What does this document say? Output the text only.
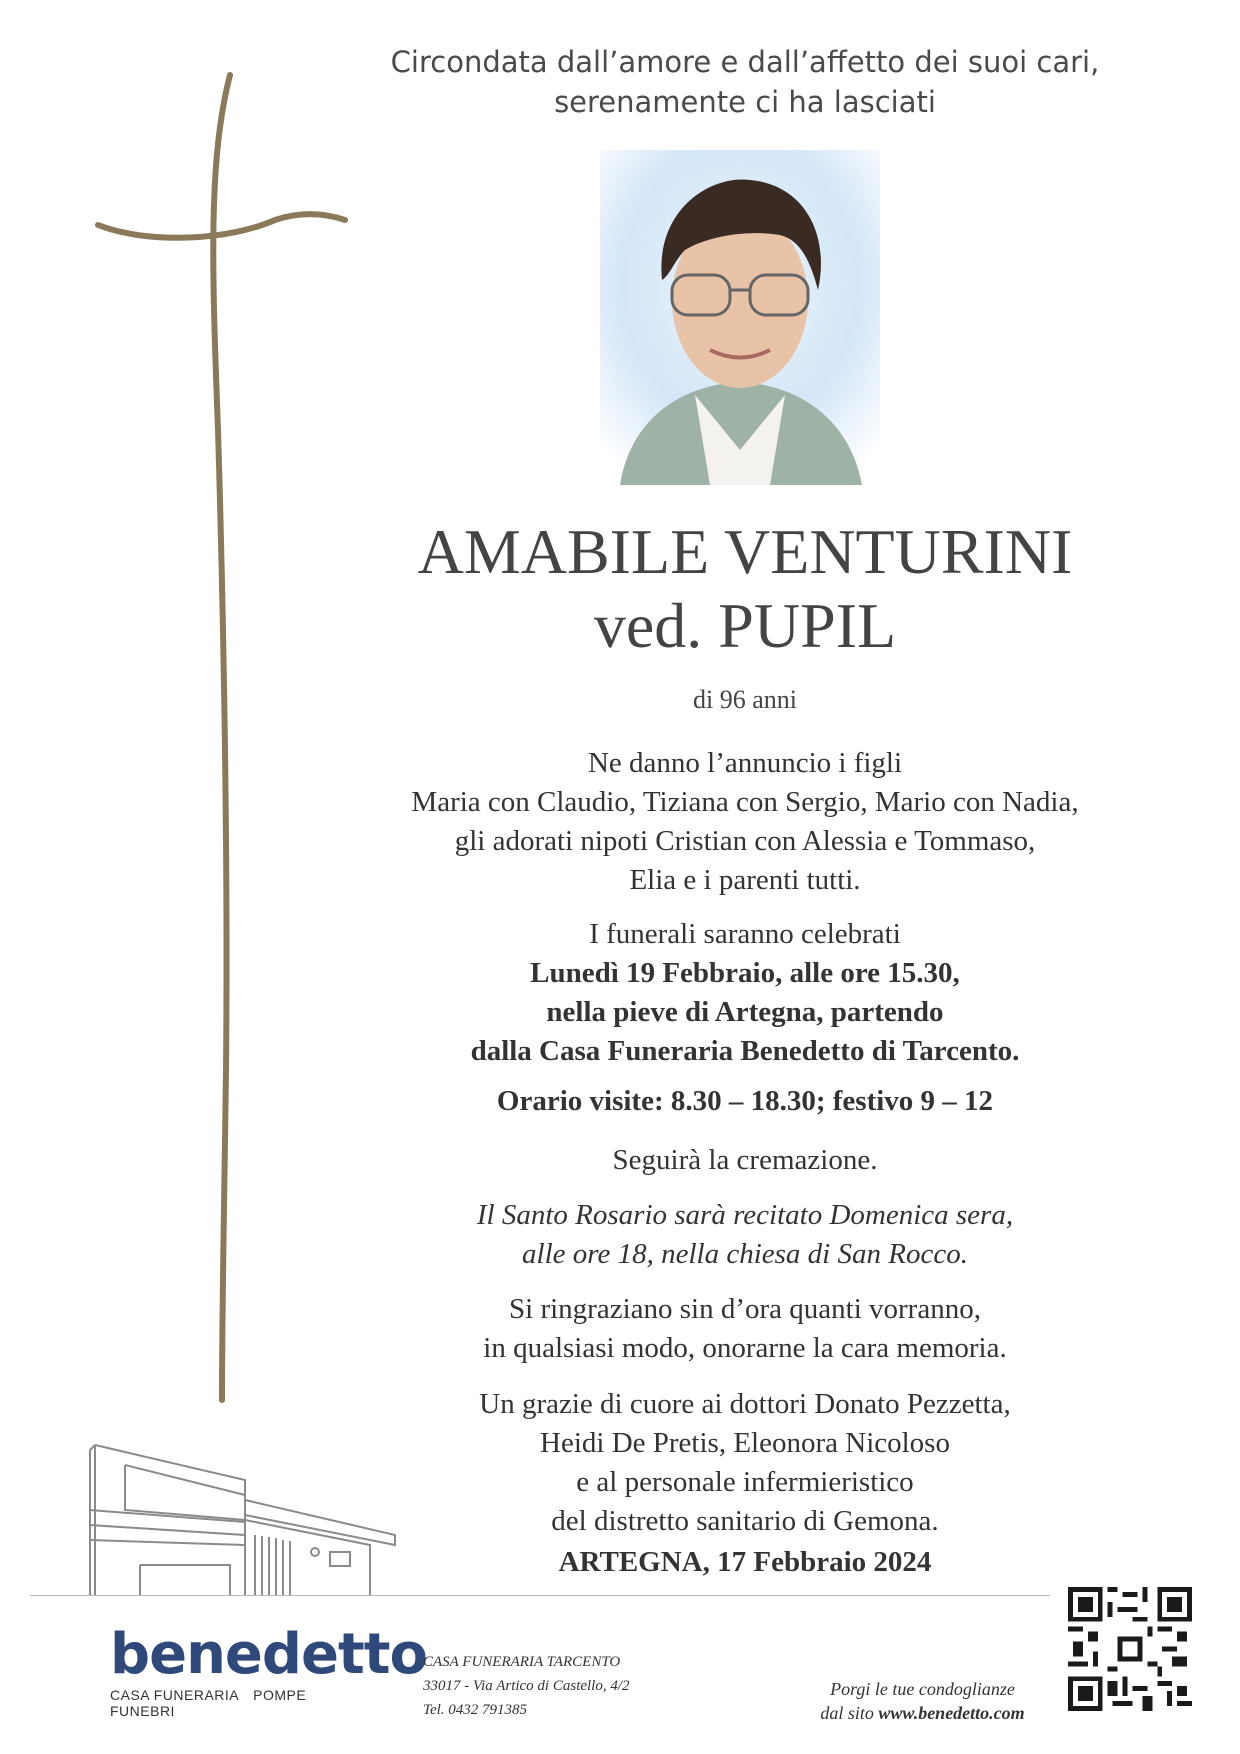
Circondata dall’amore e dall’affetto dei suoi cari,
serenamente ci ha lasciati
AMABILE VENTURINI
ved. PUPIL
di 96 anni
Ne danno l’annuncio i figli
Maria con Claudio, Tiziana con Sergio, Mario con Nadia,
gli adorati nipoti Cristian con Alessia e Tommaso,
Elia e i parenti tutti.
I funerali saranno celebrati
Lunedì 19 Febbraio, alle ore 15.30,
nella pieve di Artegna, partendo
dalla Casa Funeraria Benedetto di Tarcento.
Orario visite: 8.30 – 18.30; festivo 9 – 12
Seguirà la cremazione.
Il Santo Rosario sarà recitato Domenica sera,
alle ore 18, nella chiesa di San Rocco.
Si ringraziano sin d’ora quanti vorranno,
in qualsiasi modo, onorarne la cara memoria.
Un grazie di cuore ai dottori Donato Pezzetta,
Heidi De Pretis, Eleonora Nicoloso
e al personale infermieristico
del distretto sanitario di Gemona.
ARTEGNA, 17 Febbraio 2024
benedetto
CASA FUNERARIA POMPE FUNEBRI
CASA FUNERARIA TARCENTO
33017 - Via Artico di Castello, 4/2
Tel. 0432 791385
Porgi le tue condoglianze
dal sito www.benedetto.com
